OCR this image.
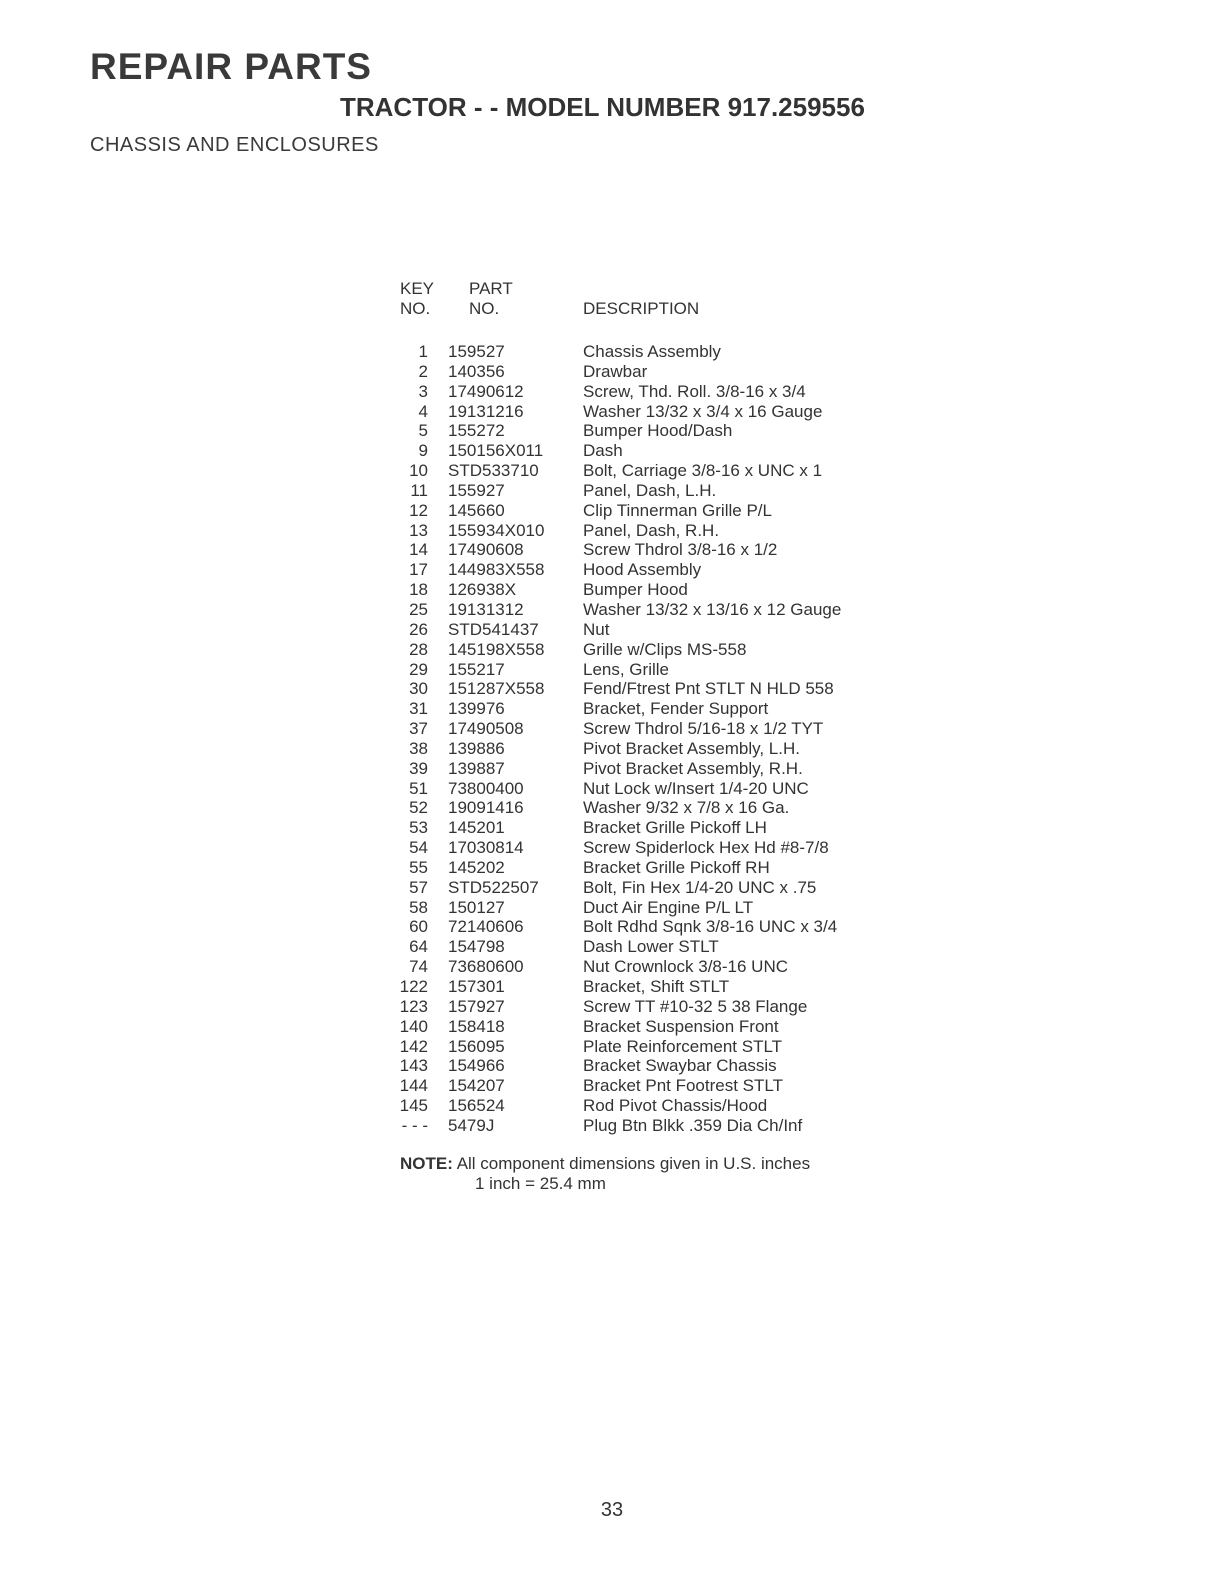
REPAIR PARTS
TRACTOR - - MODEL NUMBER 917.259556
CHASSIS AND ENCLOSURES
KEY
NO.
PART
NO.	DESCRIPTION
1 159527	Chassis Assembly
2 140356	Drawbar
3 17490612	Screw, Thd. Roll. 3/8-16 x 3/4
4 19131216	Washer 13/32 x 3/4 x 16 Gauge
5 155272	Bumper Hood/Dash
9 150156X011 Dash
10 STD533710	Bolt, Carriage 3/8-16 x UNC x 1
11 155927	Panel, Dash, L.H.
12 145660	Clip Tinnerman Grille P/L
13 155934X010 Panel, Dash, R.H.
14 17490608	Screw Thdrol 3/8-16 x 1/2
17 144983X558 Hood Assembly
18 126938X	Bumper Hood
25 19131312	Washer 13/32 x 13/16 x 12 Gauge
26 STD541437	Nut
28 145198X558 Grille w/Clips MS-558
29 155217	Lens, Grille
30 151287X558 Fend/Ftrest Pnt STLT N HLD 558
31 139976	Bracket, Fender Support
37 17490508	Screw Thdrol 5/16-18 x 1/2 TYT
38 139886	Pivot Bracket Assembly, L.H.
39 139887	Pivot Bracket Assembly, R.H.
51 73800400	Nut Lock w/Insert 1/4-20 UNC
52 19091416	Washer 9/32 x 7/8 x 16 Ga.
53 145201	Bracket Grille Pickoff LH
54 17030814	Screw Spiderlock Hex Hd #8-7/8
55 145202	Bracket Grille Pickoff RH
57 STD522507	Bolt, Fin Hex 1/4-20 UNC x .75
58 150127	Duct Air Engine P/L LT
60 72140606	Bolt Rdhd Sqnk 3/8-16 UNC x 3/4
64 154798	Dash Lower STLT
74 73680600	Nut Crownlock 3/8-16 UNC
122 157301	Bracket, Shift STLT
123 157927	Screw TT #10-32 5 38 Flange
140 158418	Bracket Suspension Front
142 156095	Plate Reinforcement STLT
143 154966	Bracket Swaybar Chassis
144 154207	Bracket Pnt Footrest STLT
145 156524	Rod Pivot Chassis/Hood
- - - 5479J	Plug Btn Blkk .359 Dia Ch/Inf
NOTE: All component dimensions given in U.S. inches
1 inch = 25.4 mm
33
